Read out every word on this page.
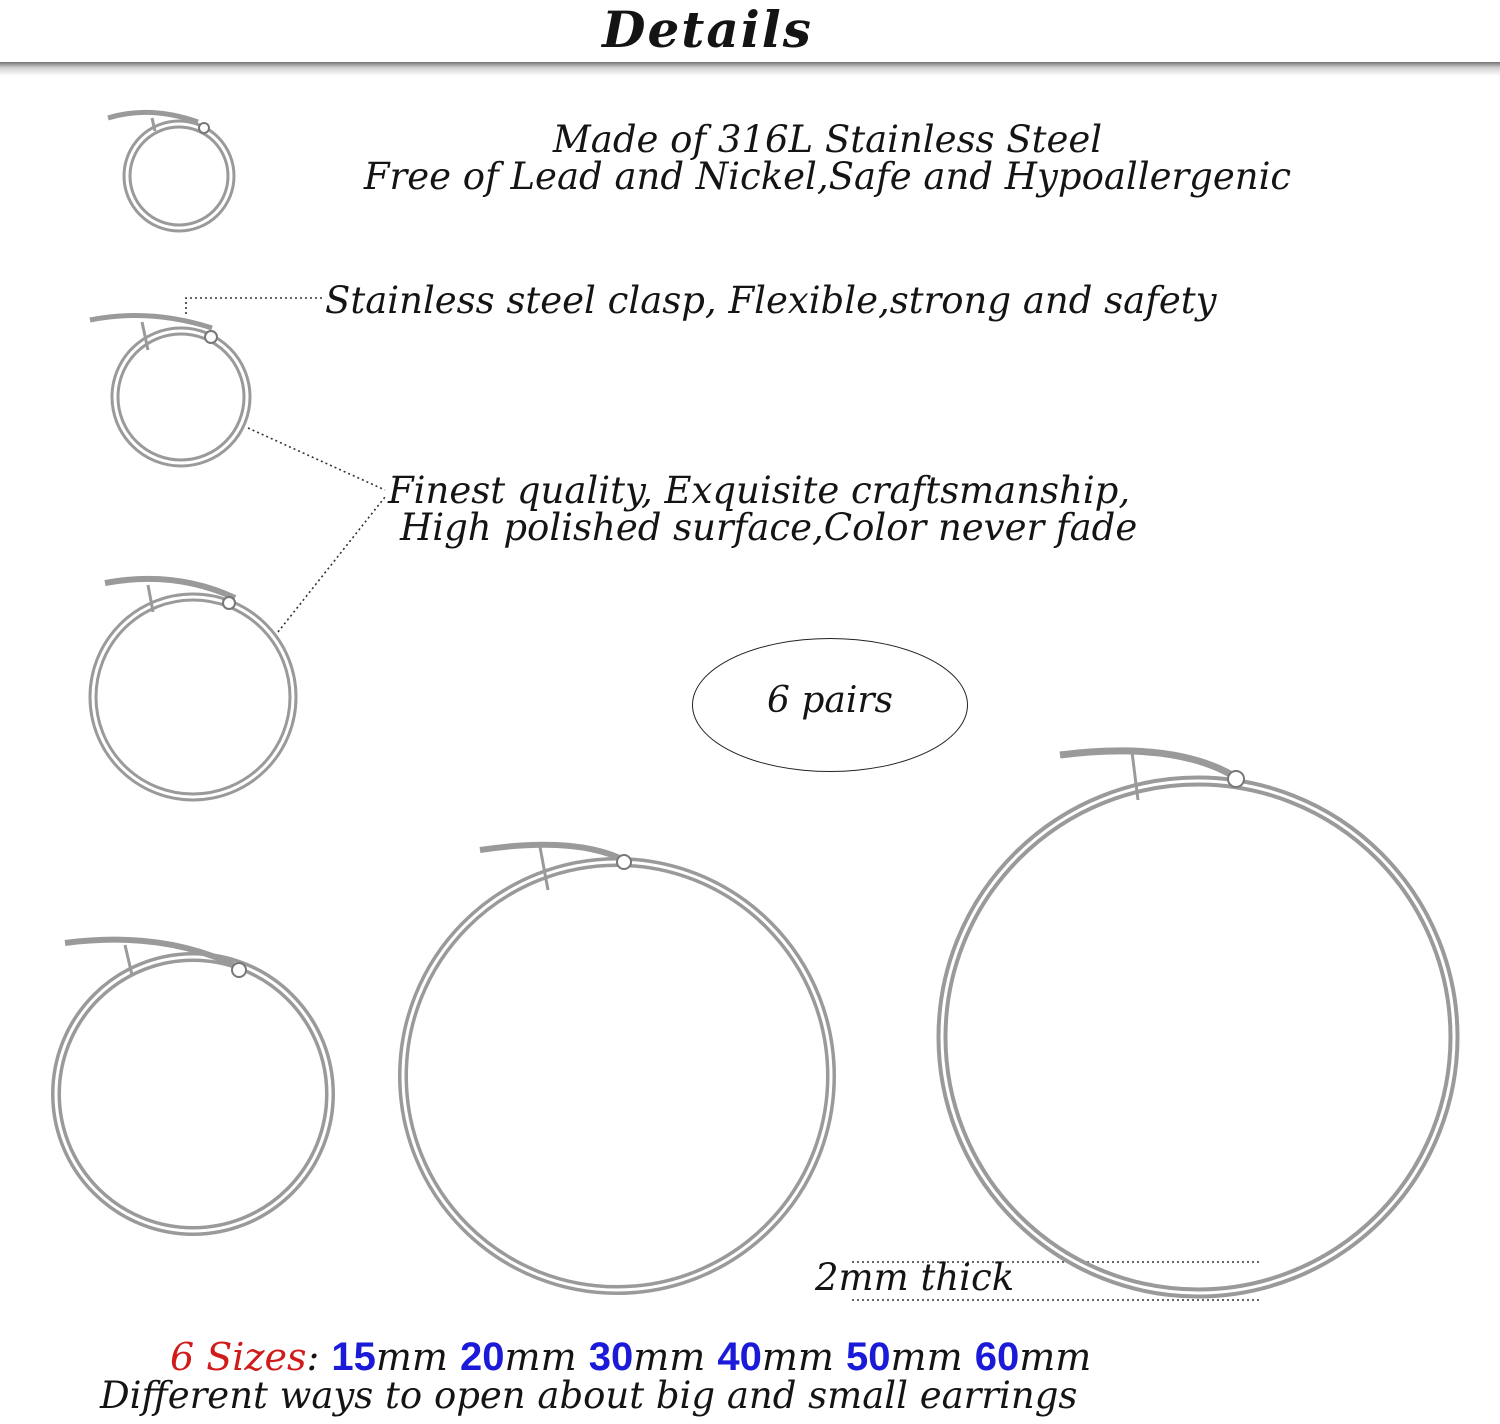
Details
Made of 316L Stainless Steel
Free of Lead and Nickel,Safe and Hypoallergenic
Stainless steel clasp, Flexible,strong and safety
Finest quality, Exquisite craftsmanship,
High polished surface,Color never fade
6 pairs
2mm thick
6 Sizes: 15mm 20mm 30mm 40mm 50mm 60mm
Different ways to open about big and small earrings
